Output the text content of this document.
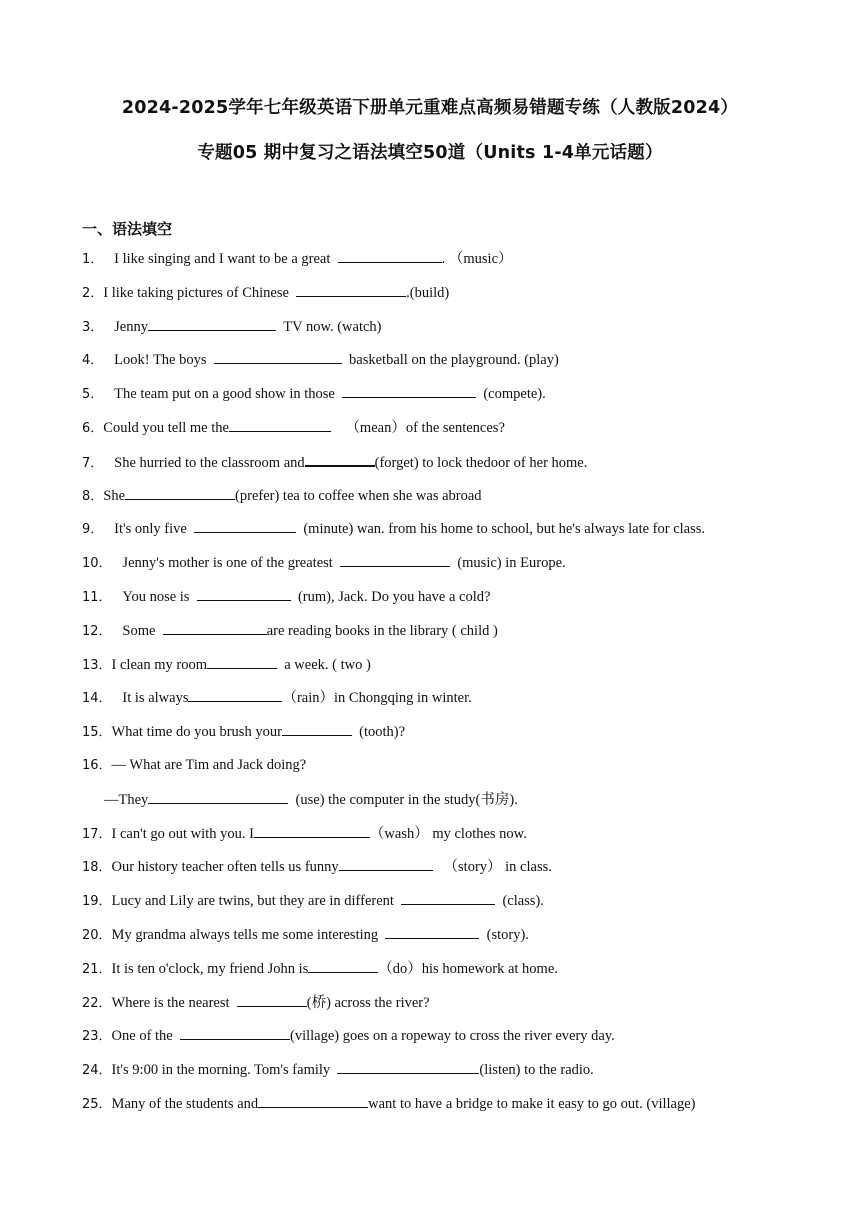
2024-2025学年七年级英语下册单元重难点高频易错题专练（人教版2024）
专题05 期中复习之语法填空50道（Units 1-4单元话题）
一、语法填空
1． I like singing and I want to be a great	. （music）
2．I like taking pictures of Chinese	.(build)
3． Jenny	TV now. (watch)
4． Look! The boys	basketball on the playground. (play)
5． The team put on a good show in those	(compete).
6．Could you tell me the	（mean）of the sentences?
7． She hurried to the classroom and	(forget) to lock thedoor of her home.
8．She	(prefer) tea to coffee when she was abroad
9． It's only five	(minute) wan. from his home to school, but he's always late for class.
10． Jenny's mother is one of the greatest	(music) in Europe.
11． You nose is	(rum), Jack. Do you have a cold?
12． Some	are reading books in the library ( child )
13．I clean my room	a week. ( two )
14． It is always	（rain）in Chongqing in winter.
15．What time do you brush your	(tooth)?
16．— What are Tim and Jack doing?
—They	(use) the computer in the study(书房).
17．I can't go out with you. I	（wash） my clothes now.
18．Our history teacher often tells us funny	（story） in class.
19．Lucy and Lily are twins, but they are in different	(class).
20．My grandma always tells me some interesting	(story).
21．It is ten o'clock, my friend John is	（do）his homework at home.
22．Where is the nearest	(桥) across the river?
23．One of the	(village) goes on a ropeway to cross the river every day.
24．It's 9:00 in the morning. Tom's family	(listen) to the radio.
25．Many of the students and	want to have a bridge to make it easy to go out. (village)
